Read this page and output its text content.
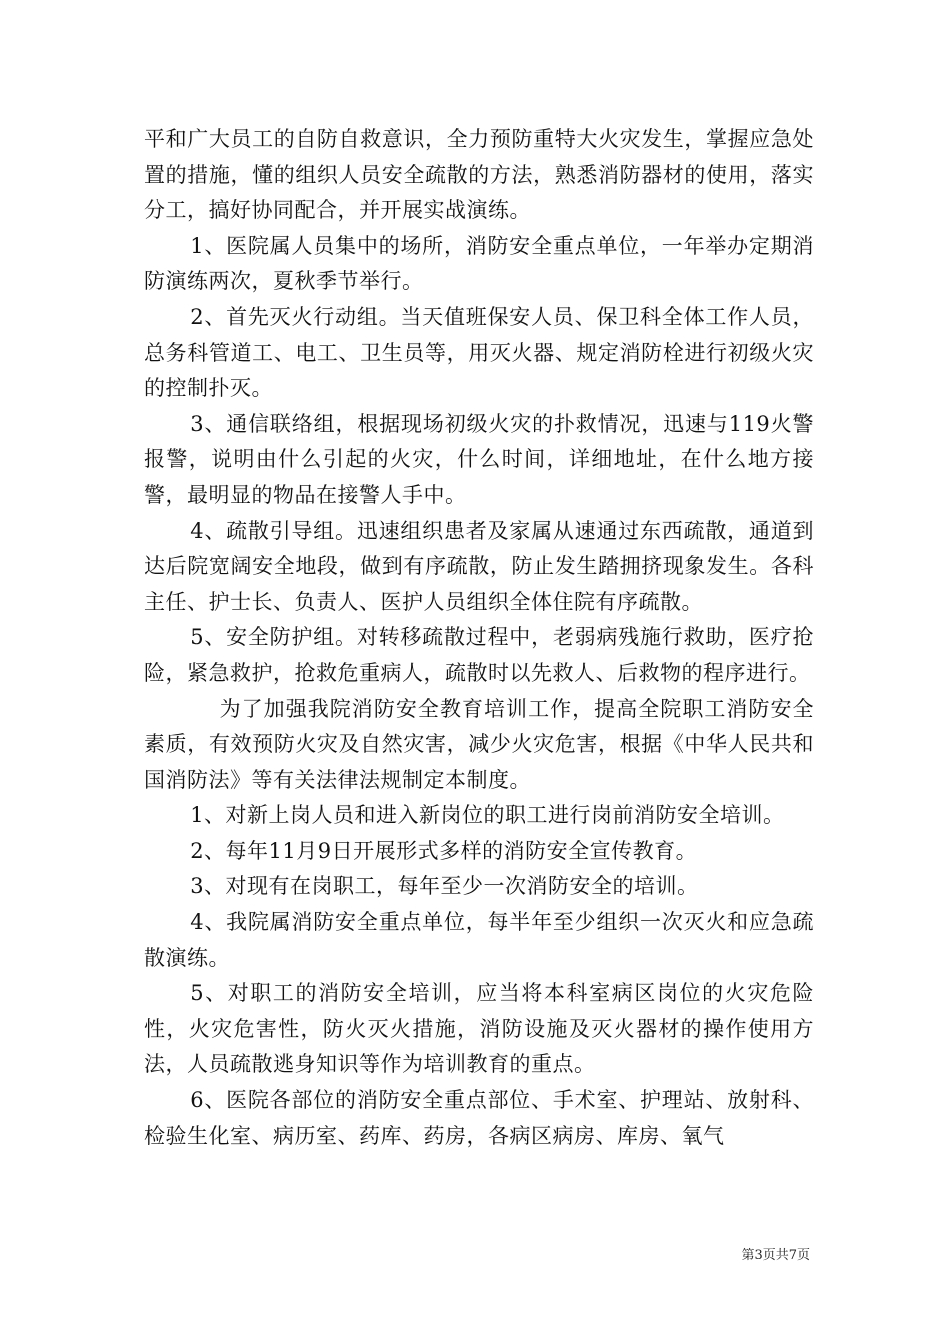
平和广大员工的自防自救意识，全力预防重特大火灾发生，掌握应急处置的措施，懂的组织人员安全疏散的方法，熟悉消防器材的使用，落实分工，搞好协同配合，并开展实战演练。

1、医院属人员集中的场所，消防安全重点单位，一年举办定期消防演练两次，夏秋季节举行。

2、首先灭火行动组。当天值班保安人员、保卫科全体工作人员，总务科管道工、电工、卫生员等，用灭火器、规定消防栓进行初级火灾的控制扑灭。

3、通信联络组，根据现场初级火灾的扑救情况，迅速与119火警报警，说明由什么引起的火灾，什么时间，详细地址，在什么地方接警，最明显的物品在接警人手中。

4、疏散引导组。迅速组织患者及家属从速通过东西疏散，通道到达后院宽阔安全地段，做到有序疏散，防止发生踏拥挤现象发生。各科主任、护士长、负责人、医护人员组织全体住院有序疏散。

5、安全防护组。对转移疏散过程中，老弱病残施行救助，医疗抢险，紧急救护，抢救危重病人，疏散时以先救人、后救物的程序进行。

为了加强我院消防安全教育培训工作，提高全院职工消防安全素质，有效预防火灾及自然灾害，减少火灾危害，根据《中华人民共和国消防法》等有关法律法规制定本制度。

1、对新上岗人员和进入新岗位的职工进行岗前消防安全培训。

2、每年11月9日开展形式多样的消防安全宣传教育。

3、对现有在岗职工，每年至少一次消防安全的培训。

4、我院属消防安全重点单位，每半年至少组织一次灭火和应急疏散演练。

5、对职工的消防安全培训，应当将本科室病区岗位的火灾危险性，火灾危害性，防火灭火措施，消防设施及灭火器材的操作使用方法，人员疏散逃身知识等作为培训教育的重点。

6、医院各部位的消防安全重点部位、手术室、护理站、放射科、检验生化室、病历室、药库、药房，各病区病房、库房、氧气

第3页共7页
